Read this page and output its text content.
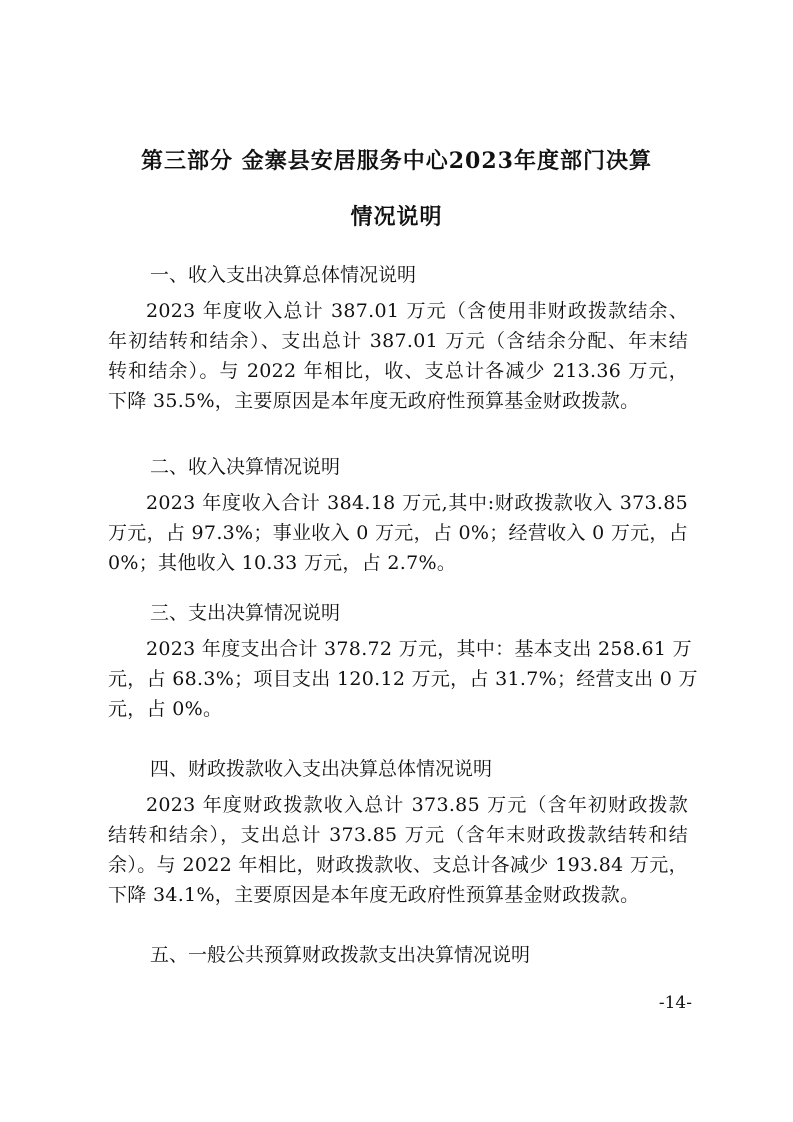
第三部分 金寨县安居服务中心2023年度部门决算
情况说明
一、收入支出决算总体情况说明
2023 年度收入总计 387.01 万元（含使用非财政拨款结余、
年初结转和结余）、支出总计 387.01 万元（含结余分配、年末结
转和结余）。与 2022 年相比，收、支总计各减少 213.36 万元，
下降 35.5%，主要原因是本年度无政府性预算基金财政拨款。
二、收入决算情况说明
2023 年度收入合计 384.18 万元,其中:财政拨款收入 373.85
万元，占 97.3%；事业收入 0 万元，占 0%；经营收入 0 万元，占
0%；其他收入 10.33 万元，占 2.7%。
三、支出决算情况说明
2023 年度支出合计 378.72 万元，其中：基本支出 258.61 万
元，占 68.3%；项目支出 120.12 万元，占 31.7%；经营支出 0 万
元，占 0%。
四、财政拨款收入支出决算总体情况说明
2023 年度财政拨款收入总计 373.85 万元（含年初财政拨款
结转和结余），支出总计 373.85 万元（含年末财政拨款结转和结
余）。与 2022 年相比，财政拨款收、支总计各减少 193.84 万元，
下降 34.1%，主要原因是本年度无政府性预算基金财政拨款。
五、一般公共预算财政拨款支出决算情况说明
-14-
